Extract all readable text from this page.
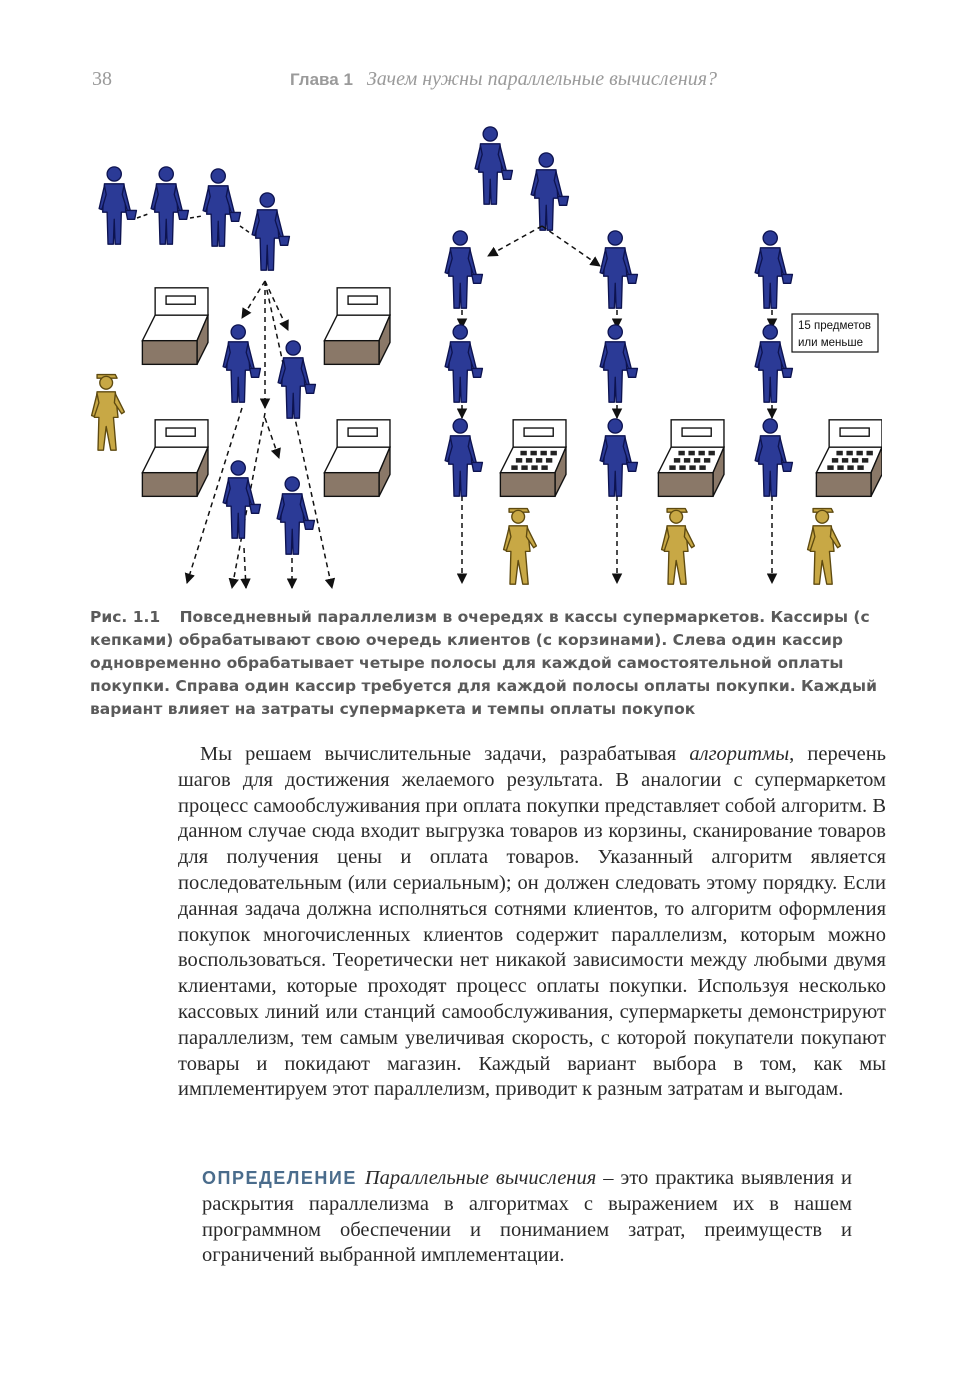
38	Глава 1 Зачем нужны параллельные вычисления?
15 предметов
или меньше
Рис. 1.1 Повседневный параллелизм в очередях в кассы супермаркетов. Кассиры (с кепками) обрабатывают свою очередь клиентов (с корзинами). Слева один кассир одновременно обрабатывает четыре полосы для каждой самостоятельной оплаты покупки. Справа один кассир требуется для каждой полосы оплаты покупки. Каждый вариант влияет на затраты супермаркета и темпы оплаты покупок

Мы решаем вычислительные задачи, разрабатывая алгоритмы, перечень шагов для достижения желаемого результата. В аналогии с супермаркетом процесс самообслуживания при оплата покупки представляет собой алгоритм. В данном случае сюда входит выгрузка товаров из корзины, сканирование товаров для получения цены и оплата товаров. Указанный алгоритм является последовательным (или сериальным); он должен следовать этому порядку. Если данная задача должна исполняться сотнями клиентов, то алгоритм оформления покупок многочисленных клиентов содержит параллелизм, которым можно воспользоваться. Теоретически нет никакой зависимости между любыми двумя клиентами, которые проходят процесс оплаты покупки. Используя несколько кассовых линий или станций самообслуживания, супермаркеты демонстрируют параллелизм, тем самым увеличивая скорость, с которой покупатели покупают товары и покидают магазин. Каждый вариант выбора в том, как мы имплементируем этот параллелизм, приводит к разным затратам и выгодам.

ОПРЕДЕЛЕНИЕ Параллельные вычисления – это практика выявления и раскрытия параллелизма в алгоритмах с выражением их в нашем программном обеспечении и пониманием затрат, преимуществ и ограничений выбранной имплементации.
